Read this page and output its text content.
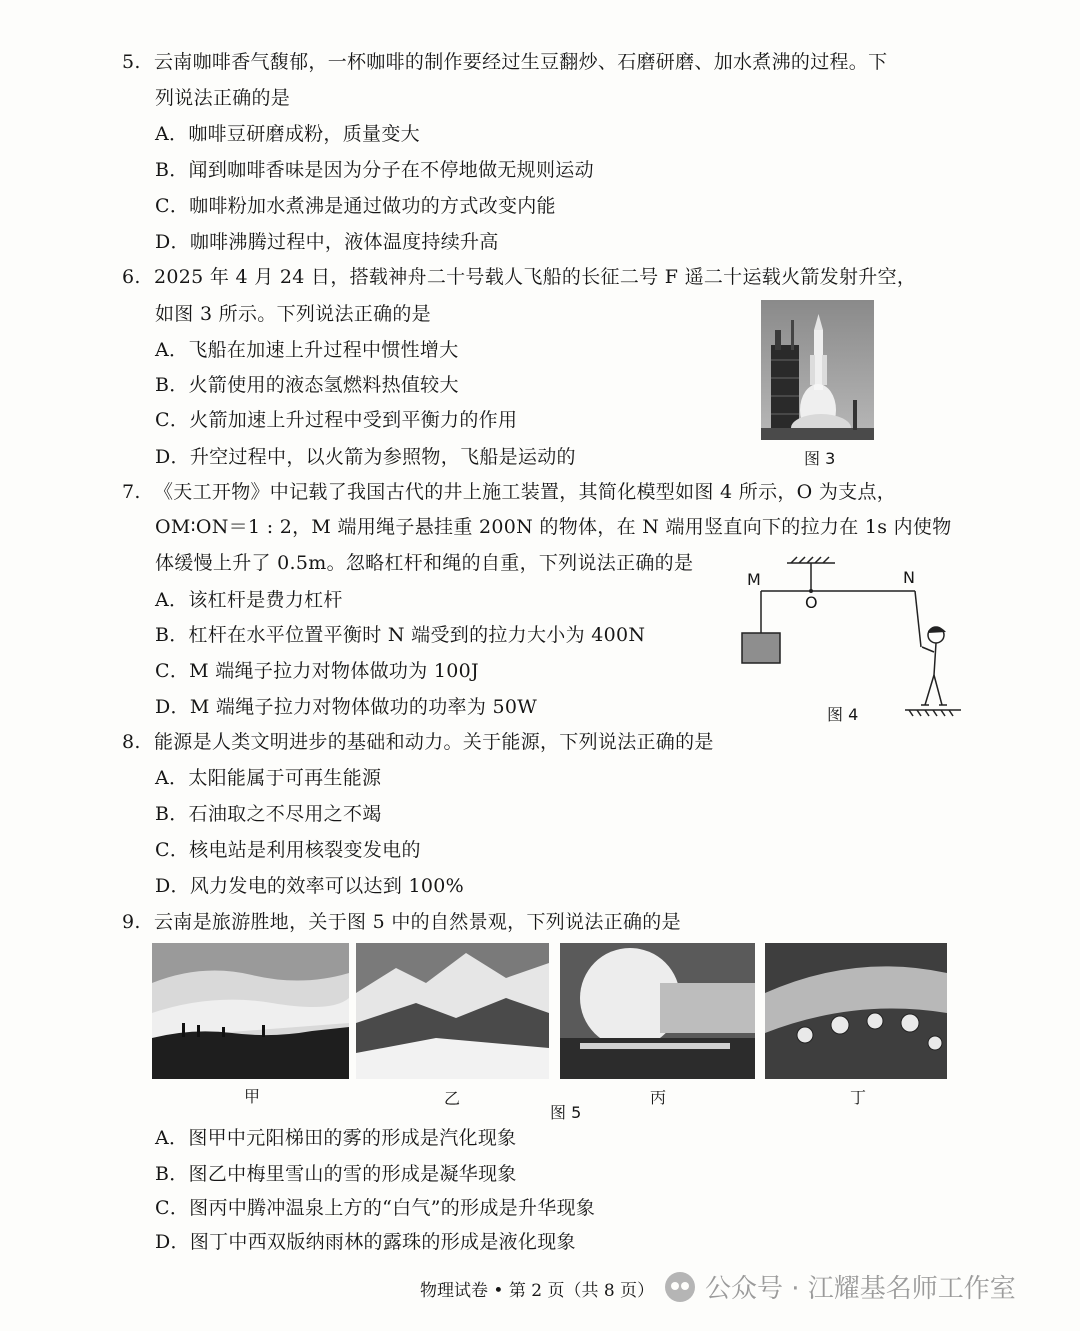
5. 云南咖啡香气馥郁，一杯咖啡的制作要经过生豆翻炒、石磨研磨、加水煮沸的过程。下
列说法正确的是
A．咖啡豆研磨成粉，质量变大
B．闻到咖啡香味是因为分子在不停地做无规则运动
C．咖啡粉加水煮沸是通过做功的方式改变内能
D．咖啡沸腾过程中，液体温度持续升高
6. 2025 年 4 月 24 日，搭载神舟二十号载人飞船的长征二号 F 遥二十运载火箭发射升空，
如图 3 所示。下列说法正确的是
A．飞船在加速上升过程中惯性增大
B．火箭使用的液态氢燃料热值较大
C．火箭加速上升过程中受到平衡力的作用
D．升空过程中，以火箭为参照物，飞船是运动的	图 3
7. 《天工开物》中记载了我国古代的井上施工装置，其简化模型如图 4 所示，O 为支点，
OM∶ON＝1 : 2，M 端用绳子悬挂重 200N 的物体，在 N 端用竖直向下的拉力在 1s 内使物
体缓慢上升了 0.5m。忽略杠杆和绳的自重，下列说法正确的是
A．该杠杆是费力杠杆
B．杠杆在水平位置平衡时 N 端受到的拉力大小为 400N
C．M 端绳子拉力对物体做功为 100J
D．M 端绳子拉力对物体做功的功率为 50W
M
O
N
图 4
8. 能源是人类文明进步的基础和动力。关于能源，下列说法正确的是
A．太阳能属于可再生能源
B．石油取之不尽用之不竭
C．核电站是利用核裂变发电的
D．风力发电的效率可以达到 100%
9. 云南是旅游胜地，关于图 5 中的自然景观，下列说法正确的是
甲	乙	丙	丁
图 5
A．图甲中元阳梯田的雾的形成是汽化现象
B．图乙中梅里雪山的雪的形成是凝华现象
C．图丙中腾冲温泉上方的“白气”的形成是升华现象
D．图丁中西双版纳雨林的露珠的形成是液化现象
物理试卷 • 第 2 页（共 8 页） 公众号 · 江耀基名师工作室
